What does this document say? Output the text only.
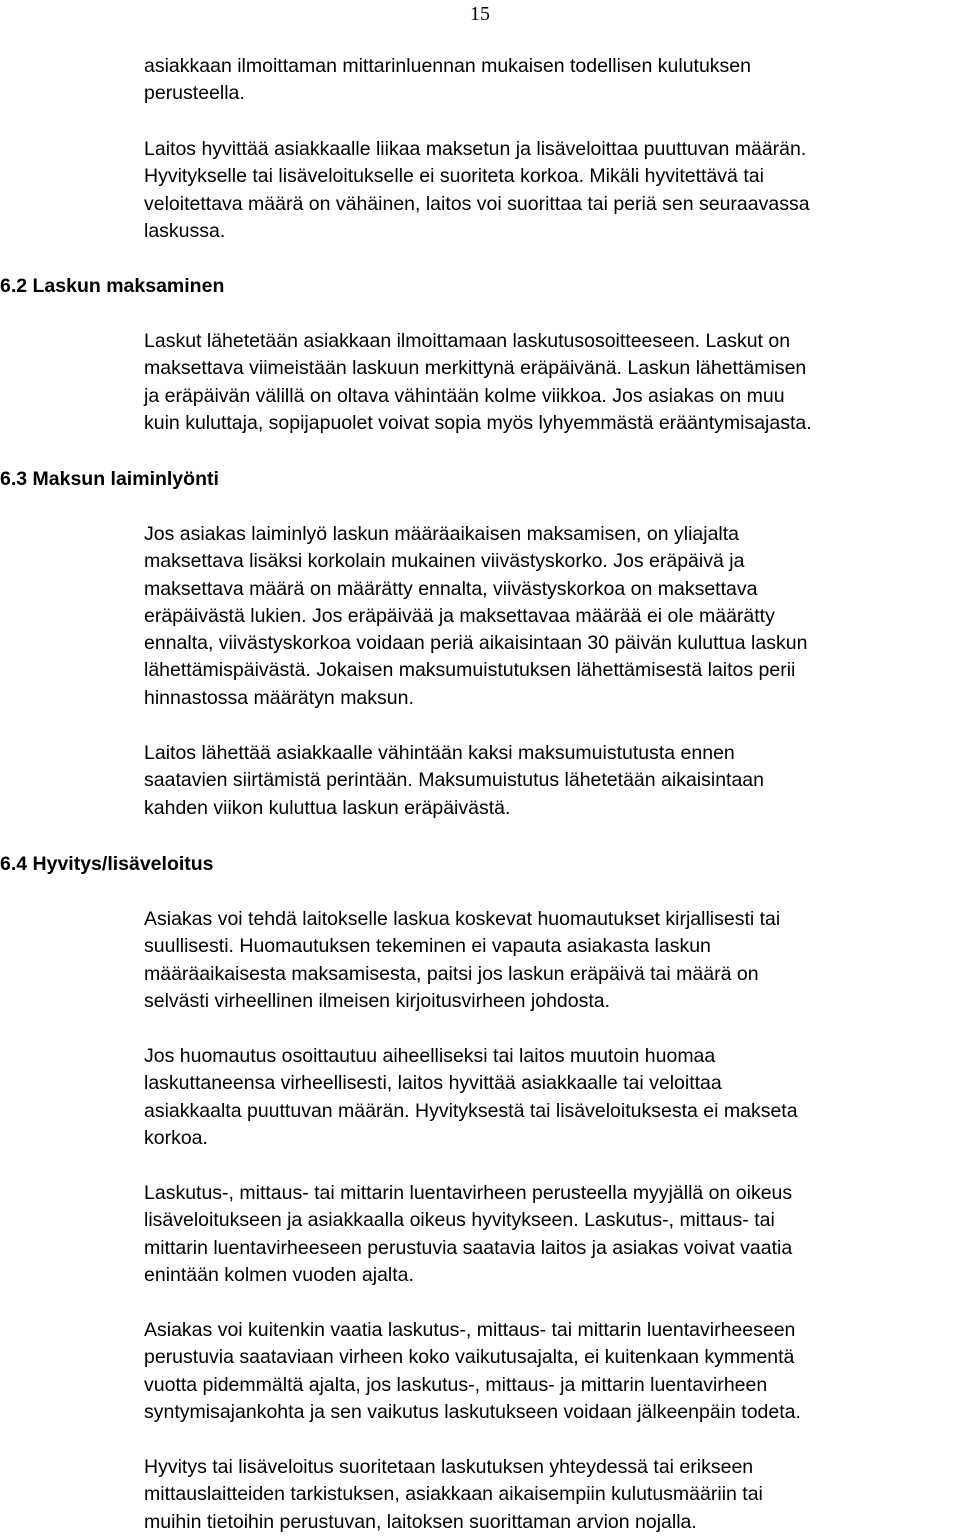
15

asiakkaan ilmoittaman mittarinluennan mukaisen todellisen kulutuksen
perusteella.

Laitos hyvittää asiakkaalle liikaa maksetun ja lisäveloittaa puuttuvan määrän.
Hyvitykselle tai lisäveloitukselle ei suoriteta korkoa. Mikäli hyvitettävä tai
veloitettava määrä on vähäinen, laitos voi suorittaa tai periä sen seuraavassa
laskussa.

6.2 Laskun maksaminen

Laskut lähetetään asiakkaan ilmoittamaan laskutusosoitteeseen. Laskut on
maksettava viimeistään laskuun merkittynä eräpäivänä. Laskun lähettämisen
ja eräpäivän välillä on oltava vähintään kolme viikkoa. Jos asiakas on muu
kuin kuluttaja, sopijapuolet voivat sopia myös lyhyemmästä erääntymisajasta.

6.3 Maksun laiminlyönti

Jos asiakas laiminlyö laskun määräaikaisen maksamisen, on yliajalta
maksettava lisäksi korkolain mukainen viivästyskorko. Jos eräpäivä ja
maksettava määrä on määrätty ennalta, viivästyskorkoa on maksettava
eräpäivästä lukien. Jos eräpäivää ja maksettavaa määrää ei ole määrätty
ennalta, viivästyskorkoa voidaan periä aikaisintaan 30 päivän kuluttua laskun
lähettämispäivästä. Jokaisen maksumuistutuksen lähettämisestä laitos perii
hinnastossa määrätyn maksun.

Laitos lähettää asiakkaalle vähintään kaksi maksumuistutusta ennen
saatavien siirtämistä perintään. Maksumuistutus lähetetään aikaisintaan
kahden viikon kuluttua laskun eräpäivästä.

6.4 Hyvitys/lisäveloitus

Asiakas voi tehdä laitokselle laskua koskevat huomautukset kirjallisesti tai
suullisesti. Huomautuksen tekeminen ei vapauta asiakasta laskun
määräaikaisesta maksamisesta, paitsi jos laskun eräpäivä tai määrä on
selvästi virheellinen ilmeisen kirjoitusvirheen johdosta.

Jos huomautus osoittautuu aiheelliseksi tai laitos muutoin huomaa
laskuttaneensa virheellisesti, laitos hyvittää asiakkaalle tai veloittaa
asiakkaalta puuttuvan määrän. Hyvityksestä tai lisäveloituksesta ei makseta
korkoa.

Laskutus-, mittaus- tai mittarin luentavirheen perusteella myyjällä on oikeus
lisäveloitukseen ja asiakkaalla oikeus hyvitykseen. Laskutus-, mittaus- tai
mittarin luentavirheeseen perustuvia saatavia laitos ja asiakas voivat vaatia
enintään kolmen vuoden ajalta.

Asiakas voi kuitenkin vaatia laskutus-, mittaus- tai mittarin luentavirheeseen
perustuvia saataviaan virheen koko vaikutusajalta, ei kuitenkaan kymmentä
vuotta pidemmältä ajalta, jos laskutus-, mittaus- ja mittarin luentavirheen
syntymisajankohta ja sen vaikutus laskutukseen voidaan jälkeenpäin todeta.

Hyvitys tai lisäveloitus suoritetaan laskutuksen yhteydessä tai erikseen
mittauslaitteiden tarkistuksen, asiakkaan aikaisempiin kulutusmääriin tai
muihin tietoihin perustuvan, laitoksen suorittaman arvion nojalla.
